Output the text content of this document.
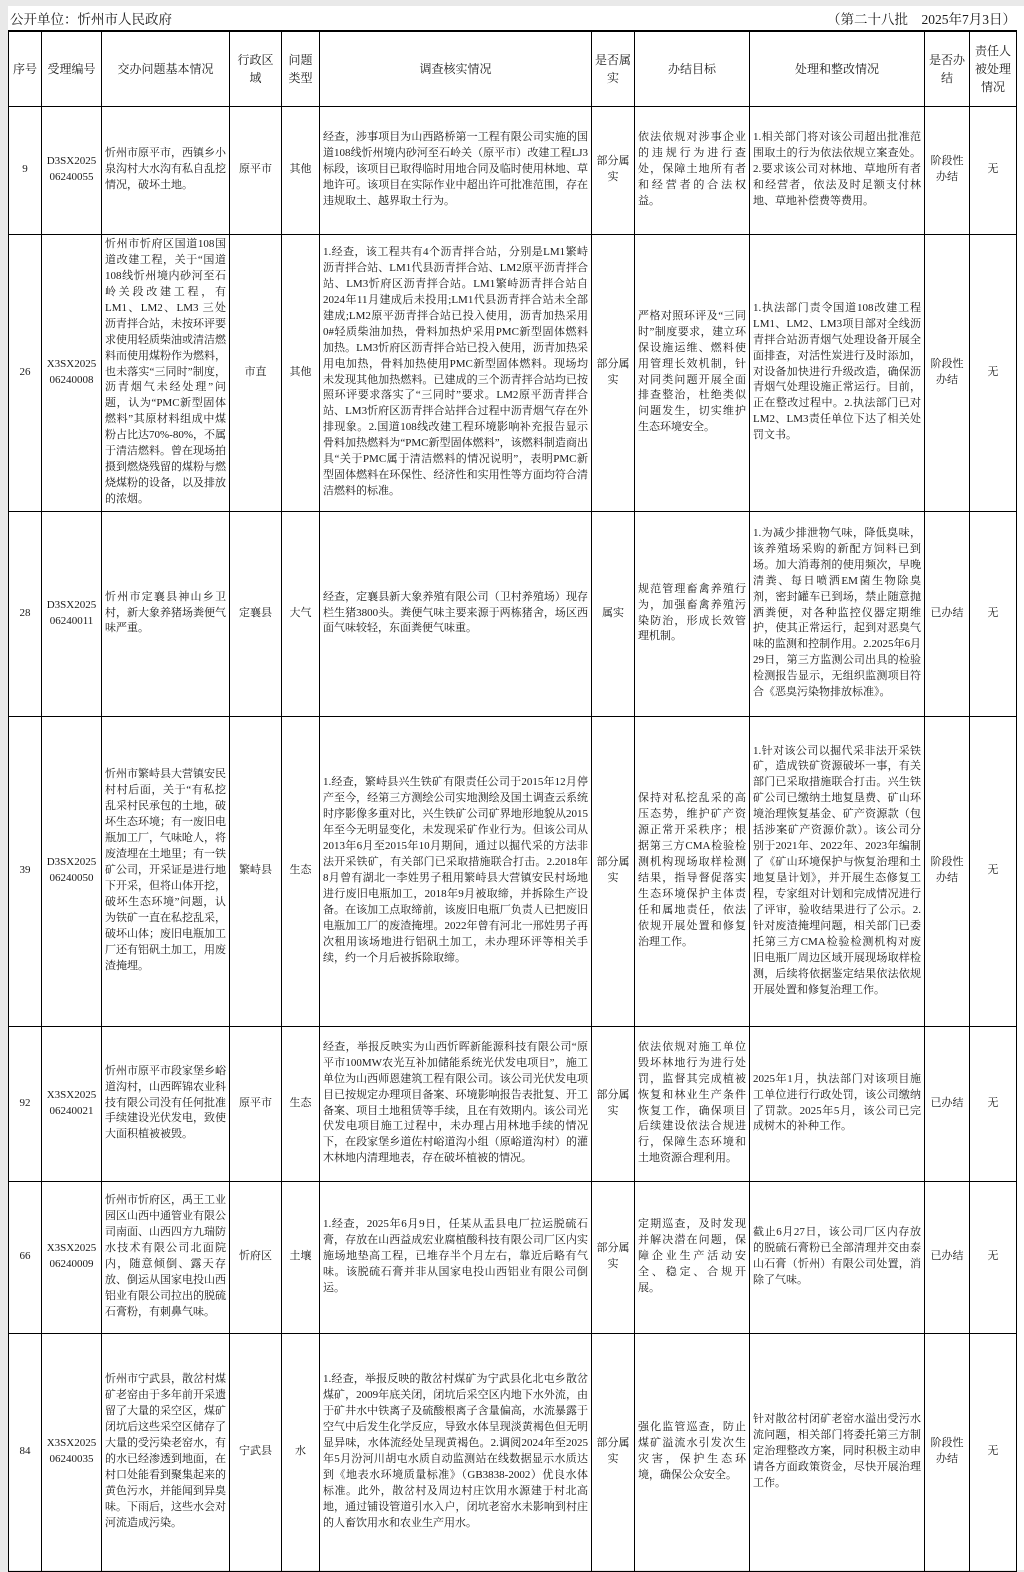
公开单位：忻州市人民政府	（第二十八批　2025年7月3日）
序号	受理编号	交办问题基本情况	行政区域	问题类型	调查核实情况	是否属实	办结目标	处理和整改情况	是否办结	责任人被处理情况
9	D3SX202506240055	忻州市原平市，西镇乡小泉沟村大水沟有私自乱挖情况，破坏土地。	原平市	其他	经查，涉事项目为山西路桥第一工程有限公司实施的国道108线忻州境内砂河至石岭关（原平市）改建工程LJ3标段，该项目已取得临时用地合同及临时使用林地、草地许可。该项目在实际作业中超出许可批准范围，存在违规取土、越界取土行为。	部分属实	依法依规对涉事企业的违规行为进行查处，保障土地所有者和经营者的合法权益。	1.相关部门将对该公司超出批准范围取土的行为依法依规立案查处。2.要求该公司对林地、草地所有者和经营者，依法及时足额支付林地、草地补偿费等费用。	阶段性办结	无
26	X3SX202506240008	忻州市忻府区国道108国道改建工程，关于“国道108线忻州境内砂河至石岭关段改建工程，有LM1、LM2、LM3 三处沥青拌合站，未按环评要求使用轻质柴油或清洁燃料而使用煤粉作为燃料，也未落实“三同时”制度，沥青烟气未经处理”问题，认为“PMC新型固体燃料”其原材料组成中煤粉占比达70%-80%，不属于清洁燃料。曾在现场拍摄到燃烧残留的煤粉与燃烧煤粉的设备，以及排放的浓烟。	市直	其他	1.经查，该工程共有4个沥青拌合站，分别是LM1繁峙沥青拌合站、LM1代县沥青拌合站、LM2原平沥青拌合站、LM3忻府区沥青拌合站。LM1繁峙沥青拌合站自2024年11月建成后未投用;LM1代县沥青拌合站未全部建成;LM2原平沥青拌合站已投入使用，沥青加热采用0#轻质柴油加热，骨料加热炉采用PMC新型固体燃料加热。LM3忻府区沥青拌合站已投入使用，沥青加热采用电加热，骨料加热使用PMC新型固体燃料。现场均未发现其他加热燃料。已建成的三个沥青拌合站均已按照环评要求落实了“三同时”要求。LM2原平沥青拌合站、LM3忻府区沥青拌合站拌合过程中沥青烟气存在外排现象。2.国道108线改建工程环境影响补充报告显示骨料加热燃料为“PMC新型固体燃料”，该燃料制造商出具“关于PMC属于清洁燃料的情况说明”，表明PMC新型固体燃料在环保性、经济性和实用性等方面均符合清洁燃料的标准。	部分属实	严格对照环评及“三同时”制度要求，建立环保设施运维、燃料使用管理长效机制，针对同类问题开展全面排查整治，杜绝类似问题发生，切实维护生态环境安全。	1.执法部门责令国道108改建工程LM1、LM2、LM3项目部对全线沥青拌合站沥青烟气处理设备开展全面排查，对活性炭进行及时添加，对设备加快进行升级改造，确保沥青烟气处理设施正常运行。目前，正在整改过程中。2.执法部门已对LM2、LM3责任单位下达了相关处罚文书。	阶段性办结	无
28	D3SX202506240011	忻州市定襄县神山乡卫村，新大象养猪场粪便气味严重。	定襄县	大气	经查，定襄县新大象养殖有限公司（卫村养殖场）现存栏生猪3800头。粪便气味主要来源于两栋猪舍，场区西面气味较轻，东面粪便气味重。	属实	规范管理畜禽养殖行为，加强畜禽养殖污染防治，形成长效管理机制。	1.为减少排泄物气味，降低臭味，该养殖场采购的新配方饲料已到场。加大消毒剂的使用频次，早晚清粪、每日喷洒EM菌生物除臭剂，密封罐车已到场，禁止随意抛洒粪便，对各种监控仪器定期维护，使其正常运行，起到对恶臭气味的监测和控制作用。2.2025年6月29日，第三方监测公司出具的检验检测报告显示，无组织监测项目符合《恶臭污染物排放标准》。	已办结	无
39	D3SX202506240050	忻州市繁峙县大营镇安民村村后面，关于“有私挖乱采村民承包的土地，破坏生态环境；有一废旧电瓶加工厂，气味呛人，将废渣埋在土地里；有一铁矿公司，开采证是进行地下开采，但将山体开挖，破坏生态环境”问题，认为铁矿一直在私挖乱采，破坏山体；废旧电瓶加工厂还有铝矾土加工，用废渣掩埋。	繁峙县	生态	1.经查，繁峙县兴生铁矿有限责任公司于2015年12月停产至今，经第三方测绘公司实地测绘及国土调查云系统时序影像多重对比，兴生铁矿公司矿界地形地貌从2015年至今无明显变化，未发现采矿作业行为。但该公司从2013年6月至2015年10月期间，通过以掘代采的方法非法开采铁矿，有关部门已采取措施联合打击。2.2018年8月曾有湖北一李姓男子租用繁峙县大营镇安民村场地进行废旧电瓶加工，2018年9月被取缔，并拆除生产设备。在该加工点取缔前，该废旧电瓶厂负责人已把废旧电瓶加工厂的废渣掩埋。2022年曾有河北一邢姓男子再次租用该场地进行铝矾土加工，未办理环评等相关手续，约一个月后被拆除取缔。	部分属实	保持对私挖乱采的高压态势，维护矿产资源正常开采秩序；根据第三方CMA检验检测机构现场取样检测结果，指导督促落实生态环境保护主体责任和属地责任，依法依规开展处置和修复治理工作。	1.针对该公司以掘代采非法开采铁矿，造成铁矿资源破坏一事，有关部门已采取措施联合打击。兴生铁矿公司已缴纳土地复垦费、矿山环境治理恢复基金、矿产资源款（包括涉案矿产资源价款）。该公司分别于2021年、2022年、2023年编制了《矿山环境保护与恢复治理和土地复垦计划》，并开展生态修复工程，专家组对计划和完成情况进行了评审，验收结果进行了公示。2.针对废渣掩埋问题，相关部门已委托第三方CMA检验检测机构对废旧电瓶厂周边区域开展现场取样检测，后续将依据鉴定结果依法依规开展处置和修复治理工作。	阶段性办结	无
92	X3SX202506240021	忻州市原平市段家堡乡峪道沟村，山西晖锦农业科技有限公司没有任何批准手续建设光伏发电，致使大面积植被被毁。	原平市	生态	经查，举报反映实为山西忻晖新能源科技有限公司“原平市100MW农光互补加储能系统光伏发电项目”，施工单位为山西师恩建筑工程有限公司。该公司光伏发电项目已按规定办理项目备案、环境影响报告表批复、开工备案、项目土地租赁等手续，且在有效期内。该公司光伏发电项目施工过程中，未办理占用林地手续的情况下，在段家堡乡道佐村峪道沟小组（原峪道沟村）的灌木林地内清理地表，存在破坏植被的情况。	部分属实	依法依规对施工单位毁坏林地行为进行处罚，监督其完成植被恢复和林业生产条件恢复工作，确保项目后续建设依法合规进行，保障生态环境和土地资源合理利用。	2025年1月，执法部门对该项目施工单位进行行政处罚，该公司缴纳了罚款。2025年5月，该公司已完成树木的补种工作。	已办结	无
66	X3SX202506240009	忻州市忻府区，禹王工业园区山西中通管业有限公司南面、山西四方九瑞防水技术有限公司北面院内，随意倾倒、露天存放、倒运从国家电投山西铝业有限公司拉出的脱硫石膏粉，有刺鼻气味。	忻府区	土壤	1.经查，2025年6月9日，任某从盂县电厂拉运脱硫石膏，存放在山西益成宏业腐植酸科技有限公司厂区内实施场地垫高工程，已堆存半个月左右，靠近后略有气味。该脱硫石膏并非从国家电投山西铝业有限公司倒运。	部分属实	定期巡查，及时发现并解决潜在问题，保障企业生产活动安全、稳定、合规开展。	截止6月27日，该公司厂区内存放的脱硫石膏粉已全部清理并交由泰山石膏（忻州）有限公司处置，消除了气味。	已办结	无
84	X3SX202506240035	忻州市宁武县，散岔村煤矿老窑由于多年前开采遗留了大量的采空区，煤矿闭坑后这些采空区储存了大量的受污染老窑水，有的水已经渗透到地面，在村口处能看到聚集起来的黄色污水，并能闻到异臭味。下雨后，这些水会对河流造成污染。	宁武县	水	1.经查，举报反映的散岔村煤矿为宁武县化北屯乡散岔煤矿，2009年底关闭，闭坑后采空区内地下水外流，由于矿井水中铁离子及硫酸根离子含量偏高，水流暴露于空气中后发生化学反应，导致水体呈现淡黄褐色但无明显异味，水体流经处呈现黄褐色。2.调阅2024年至2025年5月汾河川胡屯水质自动监测站在线数据显示水质达到《地表水环境质量标准》（GB3838-2002）优良水体标准。此外，散岔村及周边村庄饮用水源建于村北高地，通过铺设管道引水入户，闭坑老窑水未影响到村庄的人畜饮用水和农业生产用水。	部分属实	强化监管巡查，防止煤矿溢流水引发次生灾害，保护生态环境，确保公众安全。	针对散岔村闭矿老窑水溢出受污水流问题，相关部门将委托第三方制定治理整改方案，同时积极主动申请各方面政策资金，尽快开展治理工作。	阶段性办结	无
